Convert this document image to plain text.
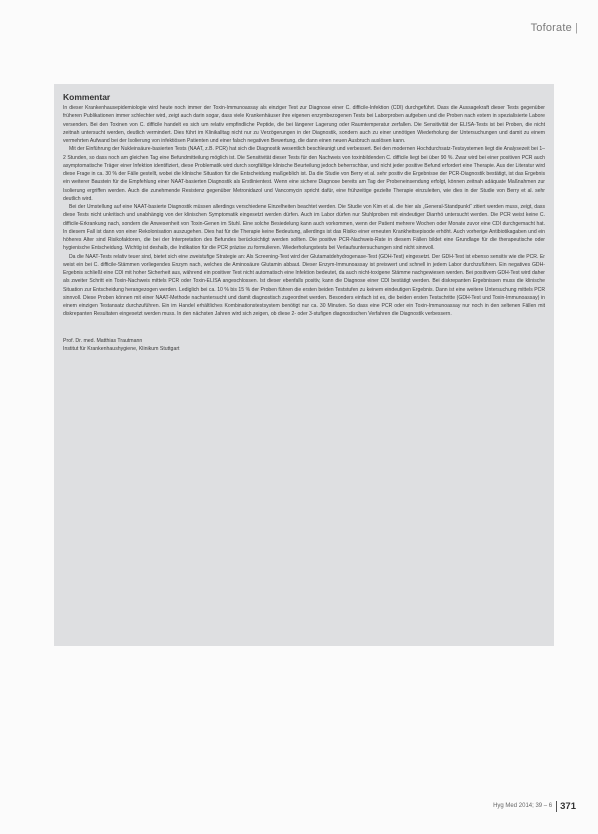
Toforate |
Kommentar

In dieser Krankenhausepidemiologie wird heute noch immer der Toxin-Immunoassay als einziger Test zur Diagnose einer C. difficile-Infektion (CDI) durchgeführt. Dass die Aussagekraft dieser Tests gegenüber früheren Publikationen immer schlechter wird, zeigt auch darin sogar, dass viele Krankenhäuser ihre eigenen enzymbezogenen Tests bei Laborproben aufgeben und die Proben nach extern in spezialisierte Labore versenden. Bei den Toxinen von C. difficile handelt es sich um relativ empfindliche Peptide, die bei längerer Lagerung oder Raumtemperatur zerfallen. Die Sensitivität der ELISA-Tests ist bei Proben, die nicht zeitnah untersucht werden, deutlich vermindert. Dies führt im Klinikalltag nicht nur zu Verzögerungen in der Diagnostik, sondern auch zu einer unnötigen Wiederholung der Untersuchungen und damit zu einem vermehrten Aufwand bei der Isolierung von infektiösen Patienten und einer falsch negativen Bewertung, die dann einen neuen Ausbruch auslösen kann.

Mit der Einführung der Nukleinsäure-basierten Tests (NAAT, z.B. PCR) hat sich die Diagnostik wesentlich beschleunigt und verbessert. Bei den modernen Hochdurchsatz-Testsystemen liegt die Analysezeit bei 1–2 Stunden, so dass noch am gleichen Tag eine Befundmitteilung möglich ist. Die Sensitivität dieser Tests für den Nachweis von toxinbildenden C. difficile liegt bei über 90 %. Zwar wird bei einer positiven PCR auch asymptomatische Träger einer Infektion identifiziert, diese Problematik wird durch sorgfältige klinische Beurteilung jedoch beherrschbar, und nicht jeder positive Befund erfordert eine Therapie. Aus der Literatur wird diese Frage in ca. 30 % der Fälle gestellt, wobei die klinische Situation für die Entscheidung maßgeblich ist. Da die Studie von Berry et al. sehr positiv die Ergebnisse der PCR-Diagnostik bestätigt, ist das Ergebnis ein weiterer Baustein für die Empfehlung einer NAAT-basierten Diagnostik als Erstlinientest. Wenn eine sichere Diagnose bereits am Tag der Probeneinsendung erfolgt, können zeitnah adäquate Maßnahmen zur Isolierung ergriffen werden. Auch die zunehmende Resistenz gegenüber Metronidazol und Vancomycin spricht dafür, eine frühzeitige gezielte Therapie einzuleiten, wie dies in der Studie von Berry et al. sehr deutlich wird.

Bei der Umstellung auf eine NAAT-basierte Diagnostik müssen allerdings verschiedene Einzelheiten beachtet werden. Die Studie von Kim et al. die hier als „General-Standpunkt“ zitiert werden muss, zeigt, dass diese Tests nicht unkritisch und unabhängig von der klinischen Symptomatik eingesetzt werden dürfen. Auch im Labor dürfen nur Stuhlproben mit eindeutiger Diarrhö untersucht werden. Die PCR weist keine C. difficile-Erkrankung nach, sondern die Anwesenheit von Toxin-Genen im Stuhl. Eine solche Besiedelung kann auch vorkommen, wenn der Patient mehrere Wochen oder Monate zuvor eine CDI durchgemacht hat. In diesem Fall ist dann von einer Rekolonisation auszugehen. Dies hat für die Therapie keine Bedeutung, allerdings ist das Risiko einer erneuten Krankheitsepisode erhöht. Auch vorherige Antibiotikagaben und ein höheres Alter sind Risikofaktoren, die bei der Interpretation des Befundes berücksichtigt werden sollten. Die positive PCR-Nachweis-Rate in diesem Fällen bildet eine Grundlage für die therapeutische oder hygienische Entscheidung. Wichtig ist deshalb, die Indikation für die PCR präzise zu formulieren. Wiederholungstests bei Verlaufsuntersuchungen sind nicht sinnvoll.

Da die NAAT-Tests relativ teuer sind, bietet sich eine zweistufige Strategie an: Als Screening-Test wird der Glutamatdehydrogenase-Test (GDH-Test) eingesetzt. Der GDH-Test ist ebenso sensitiv wie die PCR. Er weist ein bei C. difficile-Stämmen vorliegendes Enzym nach, welches die Aminosäure Glutamin abbaut. Dieser Enzym-Immunoassay ist preiswert und schnell in jedem Labor durchzuführen. Ein negatives GDH-Ergebnis schließt eine CDI mit hoher Sicherheit aus, während ein positiver Test nicht automatisch eine Infektion bedeutet, da auch nicht-toxigene Stämme nachgewiesen werden. Bei positivem GDH-Test wird daher als zweiter Schritt ein Toxin-Nachweis mittels PCR oder Toxin-ELISA angeschlossen. Ist dieser ebenfalls positiv, kann die Diagnose einer CDI bestätigt werden. Bei diskrepanten Ergebnissen muss die klinische Situation zur Entscheidung herangezogen werden. Lediglich bei ca. 10 % bis 15 % der Proben führen die ersten beiden Teststufen zu keinem eindeutigen Ergebnis. Dann ist eine weitere Untersuchung mittels PCR sinnvoll. Diese Proben können mit einer NAAT-Methode nachuntersucht und damit diagnostisch zugeordnet werden. Besonders einfach ist es, die beiden ersten Testschritte (GDH-Test und Toxin-Immunoassay) in einem einzigen Testansatz durchzuführen. Ein im Handel erhältliches Kombinationstestsystem benötigt nur ca. 30 Minuten. So dass eine PCR oder ein Toxin-Immunoassay nur noch in den seltenen Fällen mit diskrepanten Resultaten eingesetzt werden muss. In den nächsten Jahren wird sich zeigen, ob diese 2- oder 3-stufigen diagnostischen Verfahren die Diagnostik verbessern.

Prof. Dr. med. Matthias Trautmann
Institut für Krankenhaushygiene, Klinikum Stuttgart
Hyg Med 2014; 39 – 6 371
